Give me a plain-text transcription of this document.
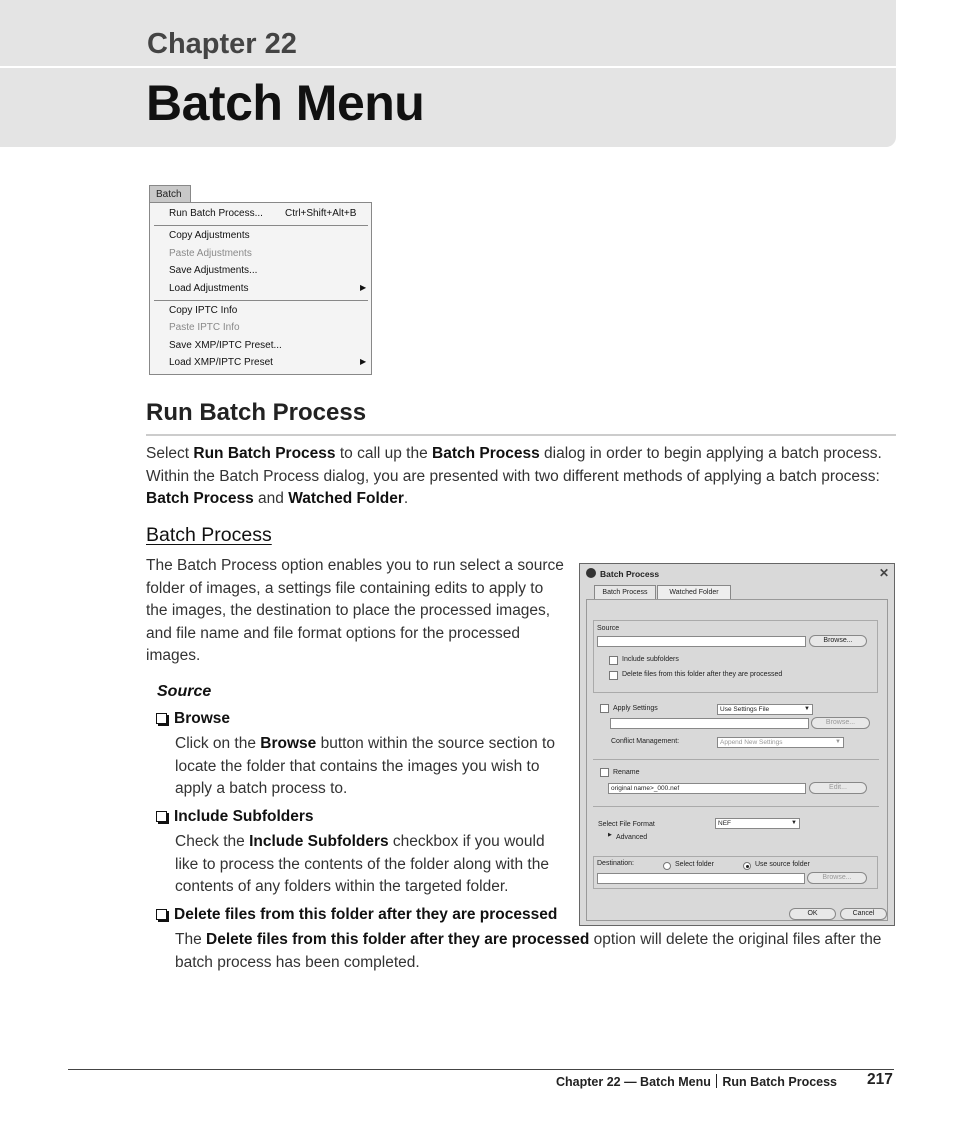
Chapter 22
Batch Menu
Batch
Run Batch Process... Ctrl+Shift+Alt+B
Copy Adjustments
Paste Adjustments
Save Adjustments...
Load Adjustments	▶
Copy IPTC Info
Paste IPTC Info
Save XMP/IPTC Preset...
Load XMP/IPTC Preset	▶
Run Batch Process
Select Run Batch Process to call up the Batch Process dialog in order to begin applying a batch process. Within the Batch Process dialog, you are presented with two different methods of applying a batch process: Batch Process and Watched Folder.
Batch Process
The Batch Process option enables you to run select a source folder of images, a settings file containing edits to apply to the images, the destination to place the processed images, and file name and file format options for the processed images.
Source
Browse
Click on the Browse button within the source section to locate the folder that contains the images you wish to apply a batch process to.
Include Subfolders
Check the Include Subfolders checkbox if you would like to process the contents of the folder along with the contents of any folders within the targeted folder.
Delete files from this folder after they are processed
The Delete files from this folder after they are processed option will delete the original files after the batch process has been completed.
Batch Process	✕
Batch Process	Watched Folder
Source
Browse...
Include subfolders
Delete files from this folder after they are processed
Apply Settings	Use Settings File	▼
Browse...
Conflict Management:	Append New Settings	▼
Rename
original name>_000.nef	Edit...
Select File Format	NEF	▼
▶ Advanced
Destination:	Select folder	Use source folder
Browse...
OK	Cancel
Chapter 22 — Batch Menu Run Batch Process 217
